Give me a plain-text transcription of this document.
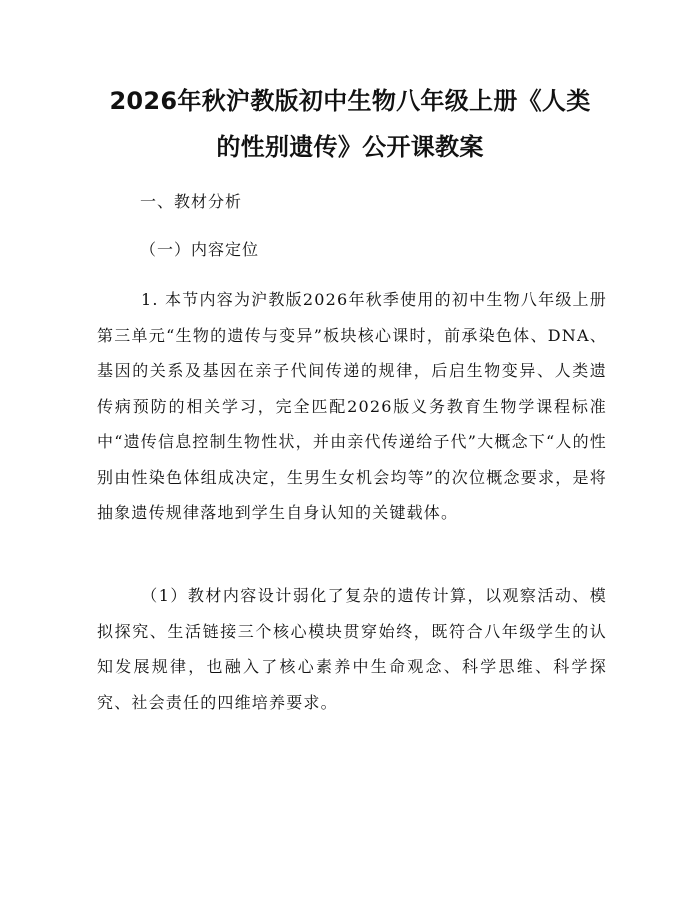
2026年秋沪教版初中生物八年级上册《人类
的性别遗传》公开课教案

一、教材分析

（一）内容定位

1. 本节内容为沪教版2026年秋季使用的初中生物八年级上册第三单元“生物的遗传与变异”板块核心课时，前承染色体、DNA、基因的关系及基因在亲子代间传递的规律，后启生物变异、人类遗传病预防的相关学习，完全匹配2026版义务教育生物学课程标准中“遗传信息控制生物性状，并由亲代传递给子代”大概念下“人的性别由性染色体组成决定，生男生女机会均等”的次位概念要求，是将抽象遗传规律落地到学生自身认知的关键载体。

（1）教材内容设计弱化了复杂的遗传计算，以观察活动、模拟探究、生活链接三个核心模块贯穿始终，既符合八年级学生的认知发展规律，也融入了核心素养中生命观念、科学思维、科学探究、社会责任的四维培养要求。
